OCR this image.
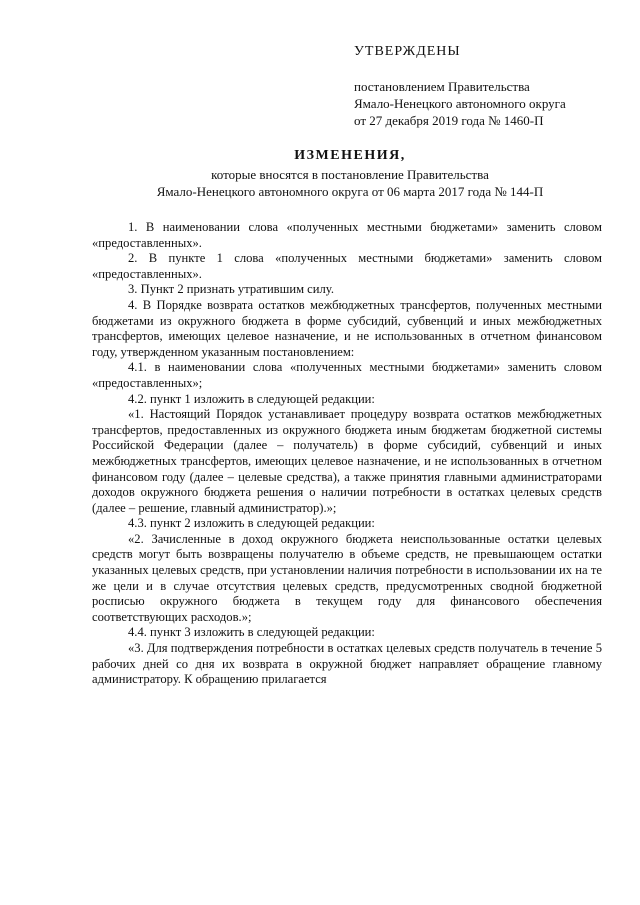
УТВЕРЖДЕНЫ
постановлением Правительства
Ямало-Ненецкого автономного округа
от 27 декабря 2019 года № 1460-П
ИЗМЕНЕНИЯ,
которые вносятся в постановление Правительства
Ямало-Ненецкого автономного округа от 06 марта 2017 года № 144-П

1. В наименовании слова «полученных местными бюджетами» заменить словом «предоставленных».

2. В пункте 1 слова «полученных местными бюджетами» заменить словом «предоставленных».

3. Пункт 2 признать утратившим силу.

4. В Порядке возврата остатков межбюджетных трансфертов, полученных местными бюджетами из окружного бюджета в форме субсидий, субвенций и иных межбюджетных трансфертов, имеющих целевое назначение, и не использованных в отчетном финансовом году, утвержденном указанным постановлением:

4.1. в наименовании слова «полученных местными бюджетами» заменить словом «предоставленных»;

4.2. пункт 1 изложить в следующей редакции:

«1. Настоящий Порядок устанавливает процедуру возврата остатков межбюджетных трансфертов, предоставленных из окружного бюджета иным бюджетам бюджетной системы Российской Федерации (далее – получатель) в форме субсидий, субвенций и иных межбюджетных трансфертов, имеющих целевое назначение, и не использованных в отчетном финансовом году (далее – целевые средства), а также принятия главными администраторами доходов окружного бюджета решения о наличии потребности в остатках целевых средств (далее – решение, главный администратор).»;

4.3. пункт 2 изложить в следующей редакции:

«2. Зачисленные в доход окружного бюджета неиспользованные остатки целевых средств могут быть возвращены получателю в объеме средств, не превышающем остатки указанных целевых средств, при установлении наличия потребности в использовании их на те же цели и в случае отсутствия целевых средств, предусмотренных сводной бюджетной росписью окружного бюджета в текущем году для финансового обеспечения соответствующих расходов.»;

4.4. пункт 3 изложить в следующей редакции:

«3. Для подтверждения потребности в остатках целевых средств получатель в течение 5 рабочих дней со дня их возврата в окружной бюджет направляет обращение главному администратору. К обращению прилагается
